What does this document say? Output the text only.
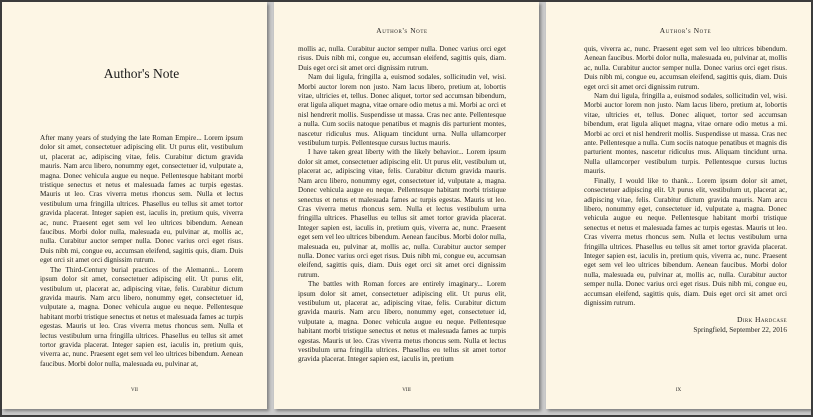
Author's Note

After many years of studying the late Roman Empire... Lorem ipsum dolor sit amet, consectetuer adipiscing elit. Ut purus elit, vestibulum ut, placerat ac, adipiscing vitae, felis. Curabitur dictum gravida mauris. Nam arcu libero, nonummy eget, consectetuer id, vulputate a, magna. Donec vehicula augue eu neque. Pellentesque habitant morbi tristique senectus et netus et malesuada fames ac turpis egestas. Mauris ut leo. Cras viverra metus rhoncus sem. Nulla et lectus vestibulum urna fringilla ultrices. Phasellus eu tellus sit amet tortor gravida placerat. Integer sapien est, iaculis in, pretium quis, viverra ac, nunc. Praesent eget sem vel leo ultrices bibendum. Aenean faucibus. Morbi dolor nulla, malesuada eu, pulvinar at, mollis ac, nulla. Curabitur auctor semper nulla. Donec varius orci eget risus. Duis nibh mi, congue eu, accumsan eleifend, sagittis quis, diam. Duis eget orci sit amet orci dignissim rutrum.

The Third-Century burial practices of the Alemanni... Lorem ipsum dolor sit amet, consectetuer adipiscing elit. Ut purus elit, vestibulum ut, placerat ac, adipiscing vitae, felis. Curabitur dictum gravida mauris. Nam arcu libero, nonummy eget, consectetuer id, vulputate a, magna. Donec vehicula augue eu neque. Pellentesque habitant morbi tristique senectus et netus et malesuada fames ac turpis egestas. Mauris ut leo. Cras viverra metus rhoncus sem. Nulla et lectus vestibulum urna fringilla ultrices. Phasellus eu tellus sit amet tortor gravida placerat. Integer sapien est, iaculis in, pretium quis, viverra ac, nunc. Praesent eget sem vel leo ultrices bibendum. Aenean faucibus. Morbi dolor nulla, malesuada eu, pulvinar at,

vii
Author's Note

mollis ac, nulla. Curabitur auctor semper nulla. Donec varius orci eget risus. Duis nibh mi, congue eu, accumsan eleifend, sagittis quis, diam. Duis eget orci sit amet orci dignissim rutrum.

Nam dui ligula, fringilla a, euismod sodales, sollicitudin vel, wisi. Morbi auctor lorem non justo. Nam lacus libero, pretium at, lobortis vitae, ultricies et, tellus. Donec aliquet, tortor sed accumsan bibendum, erat ligula aliquet magna, vitae ornare odio metus a mi. Morbi ac orci et nisl hendrerit mollis. Suspendisse ut massa. Cras nec ante. Pellentesque a nulla. Cum sociis natoque penatibus et magnis dis parturient montes, nascetur ridiculus mus. Aliquam tincidunt urna. Nulla ullamcorper vestibulum turpis. Pellentesque cursus luctus mauris.

I have taken great liberty with the likely behavior... Lorem ipsum dolor sit amet, consectetuer adipiscing elit. Ut purus elit, vestibulum ut, placerat ac, adipiscing vitae, felis. Curabitur dictum gravida mauris. Nam arcu libero, nonummy eget, consectetuer id, vulputate a, magna. Donec vehicula augue eu neque. Pellentesque habitant morbi tristique senectus et netus et malesuada fames ac turpis egestas. Mauris ut leo. Cras viverra metus rhoncus sem. Nulla et lectus vestibulum urna fringilla ultrices. Phasellus eu tellus sit amet tortor gravida placerat. Integer sapien est, iaculis in, pretium quis, viverra ac, nunc. Praesent eget sem vel leo ultrices bibendum. Aenean faucibus. Morbi dolor nulla, malesuada eu, pulvinar at, mollis ac, nulla. Curabitur auctor semper nulla. Donec varius orci eget risus. Duis nibh mi, congue eu, accumsan eleifend, sagittis quis, diam. Duis eget orci sit amet orci dignissim rutrum.

The battles with Roman forces are entirely imaginary... Lorem ipsum dolor sit amet, consectetuer adipiscing elit. Ut purus elit, vestibulum ut, placerat ac, adipiscing vitae, felis. Curabitur dictum gravida mauris. Nam arcu libero, nonummy eget, consectetuer id, vulputate a, magna. Donec vehicula augue eu neque. Pellentesque habitant morbi tristique senectus et netus et malesuada fames ac turpis egestas. Mauris ut leo. Cras viverra metus rhoncus sem. Nulla et lectus vestibulum urna fringilla ultrices. Phasellus eu tellus sit amet tortor gravida placerat. Integer sapien est, iaculis in, pretium

viii
Author's Note

quis, viverra ac, nunc. Praesent eget sem vel leo ultrices bibendum. Aenean faucibus. Morbi dolor nulla, malesuada eu, pulvinar at, mollis ac, nulla. Curabitur auctor semper nulla. Donec varius orci eget risus. Duis nibh mi, congue eu, accumsan eleifend, sagittis quis, diam. Duis eget orci sit amet orci dignissim rutrum.

Nam dui ligula, fringilla a, euismod sodales, sollicitudin vel, wisi. Morbi auctor lorem non justo. Nam lacus libero, pretium at, lobortis vitae, ultricies et, tellus. Donec aliquet, tortor sed accumsan bibendum, erat ligula aliquet magna, vitae ornare odio metus a mi. Morbi ac orci et nisl hendrerit mollis. Suspendisse ut massa. Cras nec ante. Pellentesque a nulla. Cum sociis natoque penatibus et magnis dis parturient montes, nascetur ridiculus mus. Aliquam tincidunt urna. Nulla ullamcorper vestibulum turpis. Pellentesque cursus luctus mauris.

Finally, I would like to thank... Lorem ipsum dolor sit amet, consectetuer adipiscing elit. Ut purus elit, vestibulum ut, placerat ac, adipiscing vitae, felis. Curabitur dictum gravida mauris. Nam arcu libero, nonummy eget, consectetuer id, vulputate a, magna. Donec vehicula augue eu neque. Pellentesque habitant morbi tristique senectus et netus et malesuada fames ac turpis egestas. Mauris ut leo. Cras viverra metus rhoncus sem. Nulla et lectus vestibulum urna fringilla ultrices. Phasellus eu tellus sit amet tortor gravida placerat. Integer sapien est, iaculis in, pretium quis, viverra ac, nunc. Praesent eget sem vel leo ultrices bibendum. Aenean faucibus. Morbi dolor nulla, malesuada eu, pulvinar at, mollis ac, nulla. Curabitur auctor semper nulla. Donec varius orci eget risus. Duis nibh mi, congue eu, accumsan eleifend, sagittis quis, diam. Duis eget orci sit amet orci dignissim rutrum.

Dirk Hardcase
Springfield, September 22, 2016
ix
